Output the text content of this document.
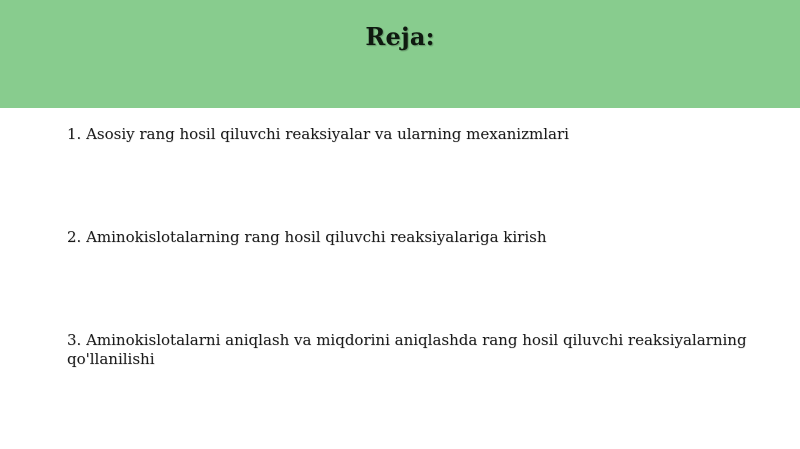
Reja:
1. Asosiy rang hosil qiluvchi reaksiyalar va ularning mexanizmlari
2. Aminokislotalarning rang hosil qiluvchi reaksiyalariga kirish
3. Aminokislotalarni aniqlash va miqdorini aniqlashda rang hosil qiluvchi reaksiyalarning qo'llanilishi
